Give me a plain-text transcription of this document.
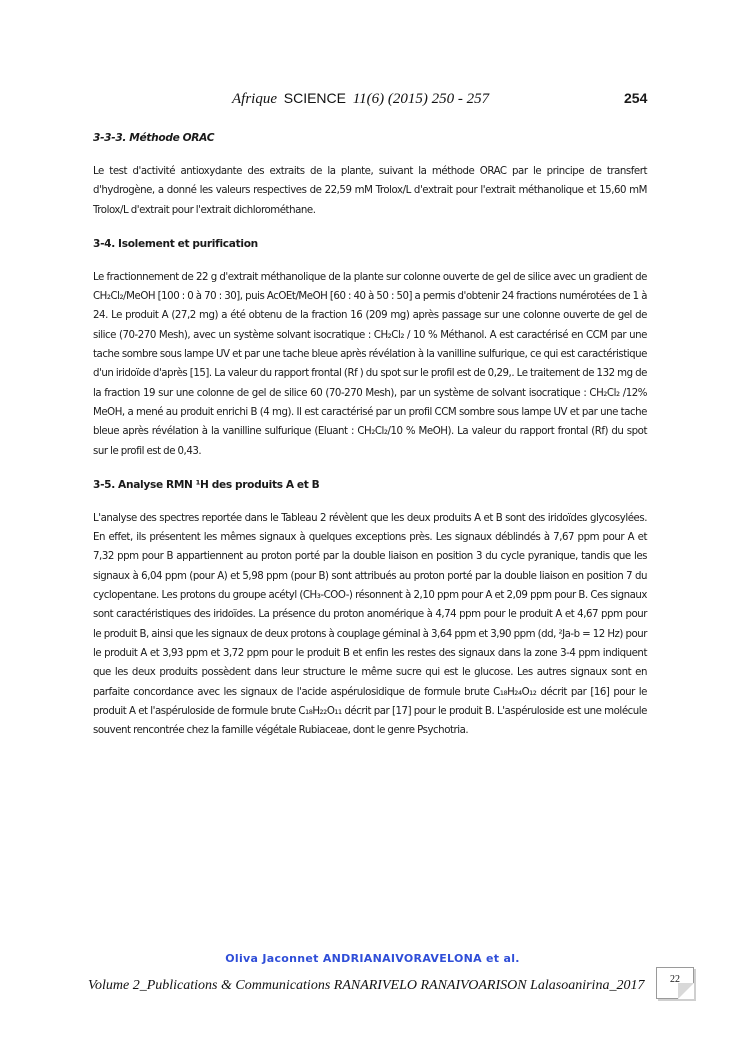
Afrique SCIENCE 11(6) (2015) 250 - 257	254
3-3-3. Méthode ORAC

Le test d'activité antioxydante des extraits de la plante, suivant la méthode ORAC par le principe de transfert d'hydrogène, a donné les valeurs respectives de 22,59 mM Trolox/L d'extrait pour l'extrait méthanolique et 15,60 mM Trolox/L d'extrait pour l'extrait dichlorométhane.

3-4. Isolement et purification

Le fractionnement de 22 g d'extrait méthanolique de la plante sur colonne ouverte de gel de silice avec un gradient de CH₂Cl₂/MeOH [100 : 0 à 70 : 30], puis AcOEt/MeOH [60 : 40 à 50 : 50] a permis d'obtenir 24 fractions numérotées de 1 à 24. Le produit A (27,2 mg) a été obtenu de la fraction 16 (209 mg) après passage sur une colonne ouverte de gel de silice (70-270 Mesh), avec un système solvant isocratique : CH₂Cl₂ / 10 % Méthanol. A est caractérisé en CCM par une tache sombre sous lampe UV et par une tache bleue après révélation à la vanilline sulfurique, ce qui est caractéristique d'un iridoïde d'après [15]. La valeur du rapport frontal (Rf ) du spot sur le profil est de 0,29,. Le traitement de 132 mg de la fraction 19 sur une colonne de gel de silice 60 (70-270 Mesh), par un système de solvant isocratique : CH₂Cl₂ /12% MeOH, a mené au produit enrichi B (4 mg). Il est caractérisé par un profil CCM sombre sous lampe UV et par une tache bleue après révélation à la vanilline sulfurique (Eluant : CH₂Cl₂/10 % MeOH). La valeur du rapport frontal (Rf) du spot sur le profil est de 0,43.

3-5. Analyse RMN ¹H des produits A et B

L'analyse des spectres reportée dans le Tableau 2 révèlent que les deux produits A et B sont des iridoïdes glycosylées. En effet, ils présentent les mêmes signaux à quelques exceptions près. Les signaux déblindés à 7,67 ppm pour A et 7,32 ppm pour B appartiennent au proton porté par la double liaison en position 3 du cycle pyranique, tandis que les signaux à 6,04 ppm (pour A) et 5,98 ppm (pour B) sont attribués au proton porté par la double liaison en position 7 du cyclopentane. Les protons du groupe acétyl (CH₃-COO-) résonnent à 2,10 ppm pour A et 2,09 ppm pour B. Ces signaux sont caractéristiques des iridoïdes. La présence du proton anomérique à 4,74 ppm pour le produit A et 4,67 ppm pour le produit B, ainsi que les signaux de deux protons à couplage géminal à 3,64 ppm et 3,90 ppm (dd, ²Ja-b = 12 Hz) pour le produit A et 3,93 ppm et 3,72 ppm pour le produit B et enfin les restes des signaux dans la zone 3-4 ppm indiquent que les deux produits possèdent dans leur structure le même sucre qui est le glucose. Les autres signaux sont en parfaite concordance avec les signaux de l'acide aspérulosidique de formule brute C₁₈H₂₄O₁₂ décrit par [16] pour le produit A et l'aspéruloside de formule brute C₁₈H₂₂O₁₁ décrit par [17] pour le produit B. L'aspéruloside est une molécule souvent rencontrée chez la famille végétale Rubiaceae, dont le genre Psychotria.

Oliva Jaconnet ANDRIANAIVORAVELONA et al.
Volume 2_Publications & Communications RANARIVELO RANAIVOARISON Lalasoanirina_2017	22
